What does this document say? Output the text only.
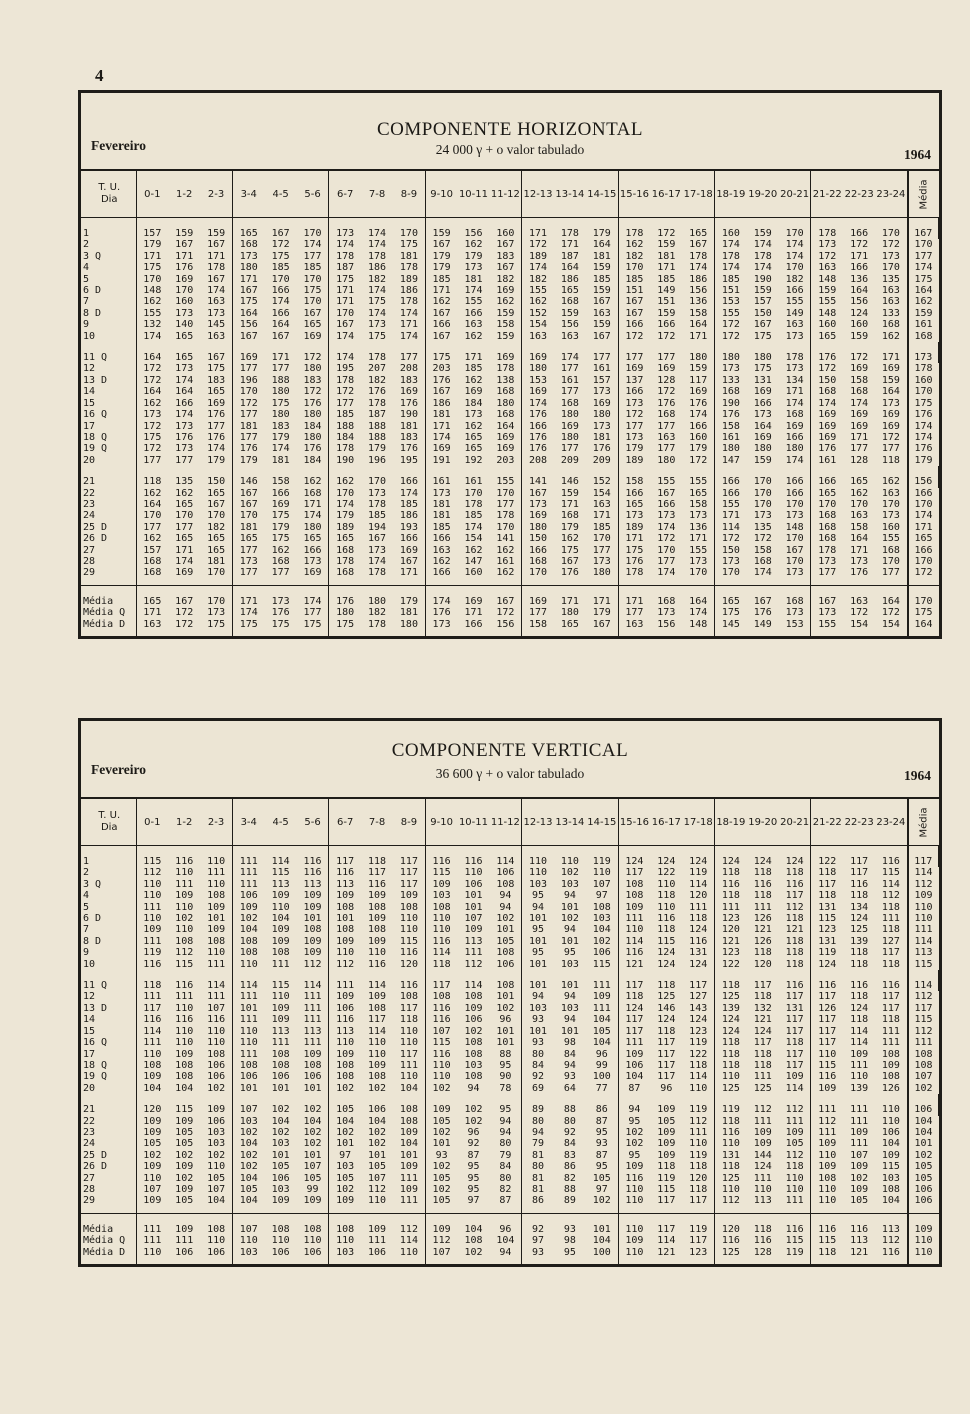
4
COMPONENTE HORIZONTAL
24 000 γ + o valor tabulado
Fevereiro
1964
T. U.
Dia	0-1	1-2	2-3	3-4	4-5	5-6	6-7	7-8	8-9	9-10	10-11	11-12	12-13	13-14	14-15	15-16	16-17	17-18	18-19	19-20	20-21	21-22	22-23	23-24	Média
1	157	159	159	165	167	170	173	174	170	159	156	160	171	178	179	178	172	165	160	159	170	178	166	170	167
2	179	167	167	168	172	174	174	174	175	167	162	167	172	171	164	162	159	167	174	174	174	173	172	172	170
3 Q	171	171	171	173	175	177	178	178	181	179	179	183	189	187	181	182	181	178	178	178	174	172	171	173	177
4	175	176	178	180	185	185	187	186	178	179	173	167	174	164	159	170	171	174	174	174	170	163	166	170	174
5	170	169	167	171	170	170	175	182	189	185	181	182	182	186	185	185	185	186	185	190	182	148	136	135	175
6 D	148	170	174	167	166	175	171	174	186	171	174	169	155	165	159	151	149	156	151	159	166	159	164	163	164
7	162	160	163	175	174	170	171	175	178	162	155	162	162	168	167	167	151	136	153	157	155	155	156	163	162
8 D	155	173	173	164	166	167	170	174	174	167	166	159	152	159	163	167	159	158	155	150	149	148	124	133	159
9	132	140	145	156	164	165	167	173	171	166	163	158	154	156	159	166	166	164	172	167	163	160	160	168	161
10	174	165	163	167	167	169	174	175	174	167	162	159	163	163	167	172	172	171	172	175	173	165	159	162	168
11 Q	164	165	167	169	171	172	174	178	177	175	171	169	169	174	177	177	177	180	180	180	178	176	172	171	173
12	172	173	175	177	177	180	195	207	208	203	185	178	180	177	161	169	169	159	173	175	173	172	169	169	178
13 D	172	174	183	196	188	183	178	182	183	176	162	138	153	161	157	137	128	117	133	131	134	150	158	159	160
14	164	164	165	170	180	172	172	176	169	167	169	168	169	177	173	166	172	169	168	169	171	168	168	164	170
15	162	166	169	172	175	176	177	178	176	186	184	180	174	168	169	173	176	176	190	166	174	174	174	173	175
16 Q	173	174	176	177	180	180	185	187	190	181	173	168	176	180	180	172	168	174	176	173	168	169	169	169	176
17	172	173	177	181	183	184	188	188	181	171	162	164	166	169	173	177	177	166	158	164	169	169	169	169	174
18 Q	175	176	176	177	179	180	184	188	183	174	165	169	176	180	181	173	163	160	161	169	166	169	171	172	174
19 Q	172	173	174	176	174	176	178	179	176	169	165	169	176	177	176	179	177	179	180	180	180	176	177	177	176
20	177	177	179	179	181	184	190	196	195	191	192	203	208	209	209	189	180	172	147	159	174	161	128	118	179
21	118	135	150	146	158	162	162	170	166	161	161	155	141	146	152	158	155	155	166	170	166	166	165	162	156
22	162	162	165	167	166	168	170	173	174	173	170	170	167	159	154	166	167	165	166	170	166	165	162	163	166
23	164	165	167	167	169	171	174	178	185	181	178	177	173	171	163	165	166	158	155	170	170	170	170	170	170
24	170	170	170	170	175	174	179	185	186	181	185	178	169	168	171	173	173	173	171	173	173	168	163	173	174
25 D	177	177	182	181	179	180	189	194	193	185	174	170	180	179	185	189	174	136	114	135	148	168	158	160	171
26 D	162	165	165	165	175	165	165	167	166	166	154	141	150	162	170	171	172	171	172	172	170	168	164	155	165
27	157	171	165	177	162	166	168	173	169	163	162	162	166	175	177	175	170	155	150	158	167	178	171	168	166
28	168	174	181	173	168	173	178	174	167	162	147	161	168	167	173	176	177	173	173	168	170	173	173	170	170
29	168	169	170	177	177	169	168	178	171	166	160	162	170	176	180	178	174	170	170	174	173	177	176	177	172
Média	165	167	170	171	173	174	176	180	179	174	169	167	169	171	171	171	168	164	165	167	168	167	163	164	170
Média Q	171	172	173	174	176	177	180	182	181	176	171	172	177	180	179	177	173	174	175	176	173	173	172	172	175
Média D	163	172	175	175	175	175	175	178	180	173	166	156	158	165	167	163	156	148	145	149	153	155	154	154	164
COMPONENTE VERTICAL
36 600 γ + o valor tabulado
Fevereiro	1964
T. U.
Dia	0-1	1-2	2-3	3-4	4-5	5-6	6-7	7-8	8-9	9-10	10-11	11-12	12-13	13-14	14-15	15-16	16-17	17-18	18-19	19-20	20-21	21-22	22-23	23-24	Média
1	115	116	110	111	114	116	117	118	117	116	116	114	110	110	119	124	124	124	124	124	124	122	117	116	117
2	112	110	111	111	115	116	116	117	117	115	110	106	110	102	110	117	122	119	118	118	118	118	117	115	114
3 Q	110	111	110	111	113	113	113	116	117	109	106	108	103	103	107	108	110	114	116	116	116	117	116	114	112
4	110	109	108	106	109	109	109	109	109	103	101	94	95	94	97	108	118	120	118	118	117	118	118	112	109
5	111	110	109	109	110	109	108	108	108	108	101	94	94	101	108	109	110	111	111	111	112	131	134	118	110
6 D	110	102	101	102	104	101	101	109	110	110	107	102	101	102	103	111	116	118	123	126	118	115	124	111	110
7	109	110	109	104	109	108	108	108	110	110	109	101	95	94	104	110	118	124	120	121	121	123	125	118	111
8 D	111	108	108	108	109	109	109	109	115	116	113	105	101	101	102	114	115	116	121	126	118	131	139	127	114
9	119	112	110	108	108	109	110	110	116	114	111	108	95	95	106	116	124	131	123	118	118	119	118	117	113
10	116	115	111	110	111	112	112	116	120	118	112	106	101	103	115	121	124	124	122	120	118	124	118	118	115
11 Q	118	116	114	114	115	114	111	114	116	117	114	108	101	101	111	117	118	117	118	117	116	116	116	116	114
12	111	111	111	111	110	111	109	109	108	108	108	101	94	94	109	118	125	127	125	118	117	117	118	117	112
13 D	117	110	107	101	109	111	106	108	117	116	109	102	103	103	111	124	146	143	139	132	131	126	124	117	117
14	116	116	116	111	109	111	116	117	118	116	106	96	93	94	104	117	124	124	124	121	117	117	118	118	115
15	114	110	110	110	113	113	113	114	110	107	102	101	101	101	105	117	118	123	124	124	117	117	114	111	112
16 Q	111	110	110	110	111	111	110	110	110	115	108	101	93	98	104	111	117	119	118	117	118	117	114	111	111
17	110	109	108	111	108	109	109	110	117	116	108	88	80	84	96	109	117	122	118	118	117	110	109	108	108
18 Q	108	108	106	108	108	108	108	109	111	110	103	95	84	94	99	106	117	118	118	118	117	115	111	109	108
19 Q	109	108	106	106	106	106	108	108	110	110	108	90	92	93	100	104	117	114	110	111	109	116	110	108	107
20	104	104	102	101	101	101	102	102	104	102	94	78	69	64	77	87	96	110	125	125	114	109	139	126	102
21	120	115	109	107	102	102	105	106	108	109	102	95	89	88	86	94	109	119	119	112	112	111	111	110	106
22	109	109	106	103	104	104	104	104	108	105	102	94	80	80	87	95	105	112	118	111	111	112	111	110	104
23	109	105	103	102	102	102	102	102	109	102	96	94	94	92	95	102	109	111	116	109	109	111	109	106	104
24	105	105	103	104	103	102	101	102	104	101	92	80	79	84	93	102	109	110	110	109	105	109	111	104	101
25 D	102	102	102	102	101	101	97	101	101	93	87	79	81	83	87	95	109	119	131	144	112	110	107	109	102
26 D	109	109	110	102	105	107	103	105	109	102	95	84	80	86	95	109	118	118	118	124	118	109	109	115	105
27	110	102	105	104	106	105	105	107	111	105	95	80	81	82	105	116	119	120	125	111	110	108	102	103	105
28	107	109	107	105	103	99	102	112	109	102	95	82	81	88	97	110	115	118	110	110	110	110	109	108	106
29	109	105	104	104	109	109	109	110	111	105	97	87	86	89	102	110	117	117	112	113	111	110	105	104	106
Média	111	109	108	107	108	108	108	109	112	109	104	96	92	93	101	110	117	119	120	118	116	116	116	113	109
Média Q	111	111	110	110	110	110	110	111	114	112	108	104	97	98	104	109	114	117	116	116	115	115	113	112	110
Média D	110	106	106	103	106	106	103	106	110	107	102	94	93	95	100	110	121	123	125	128	119	118	121	116	110
